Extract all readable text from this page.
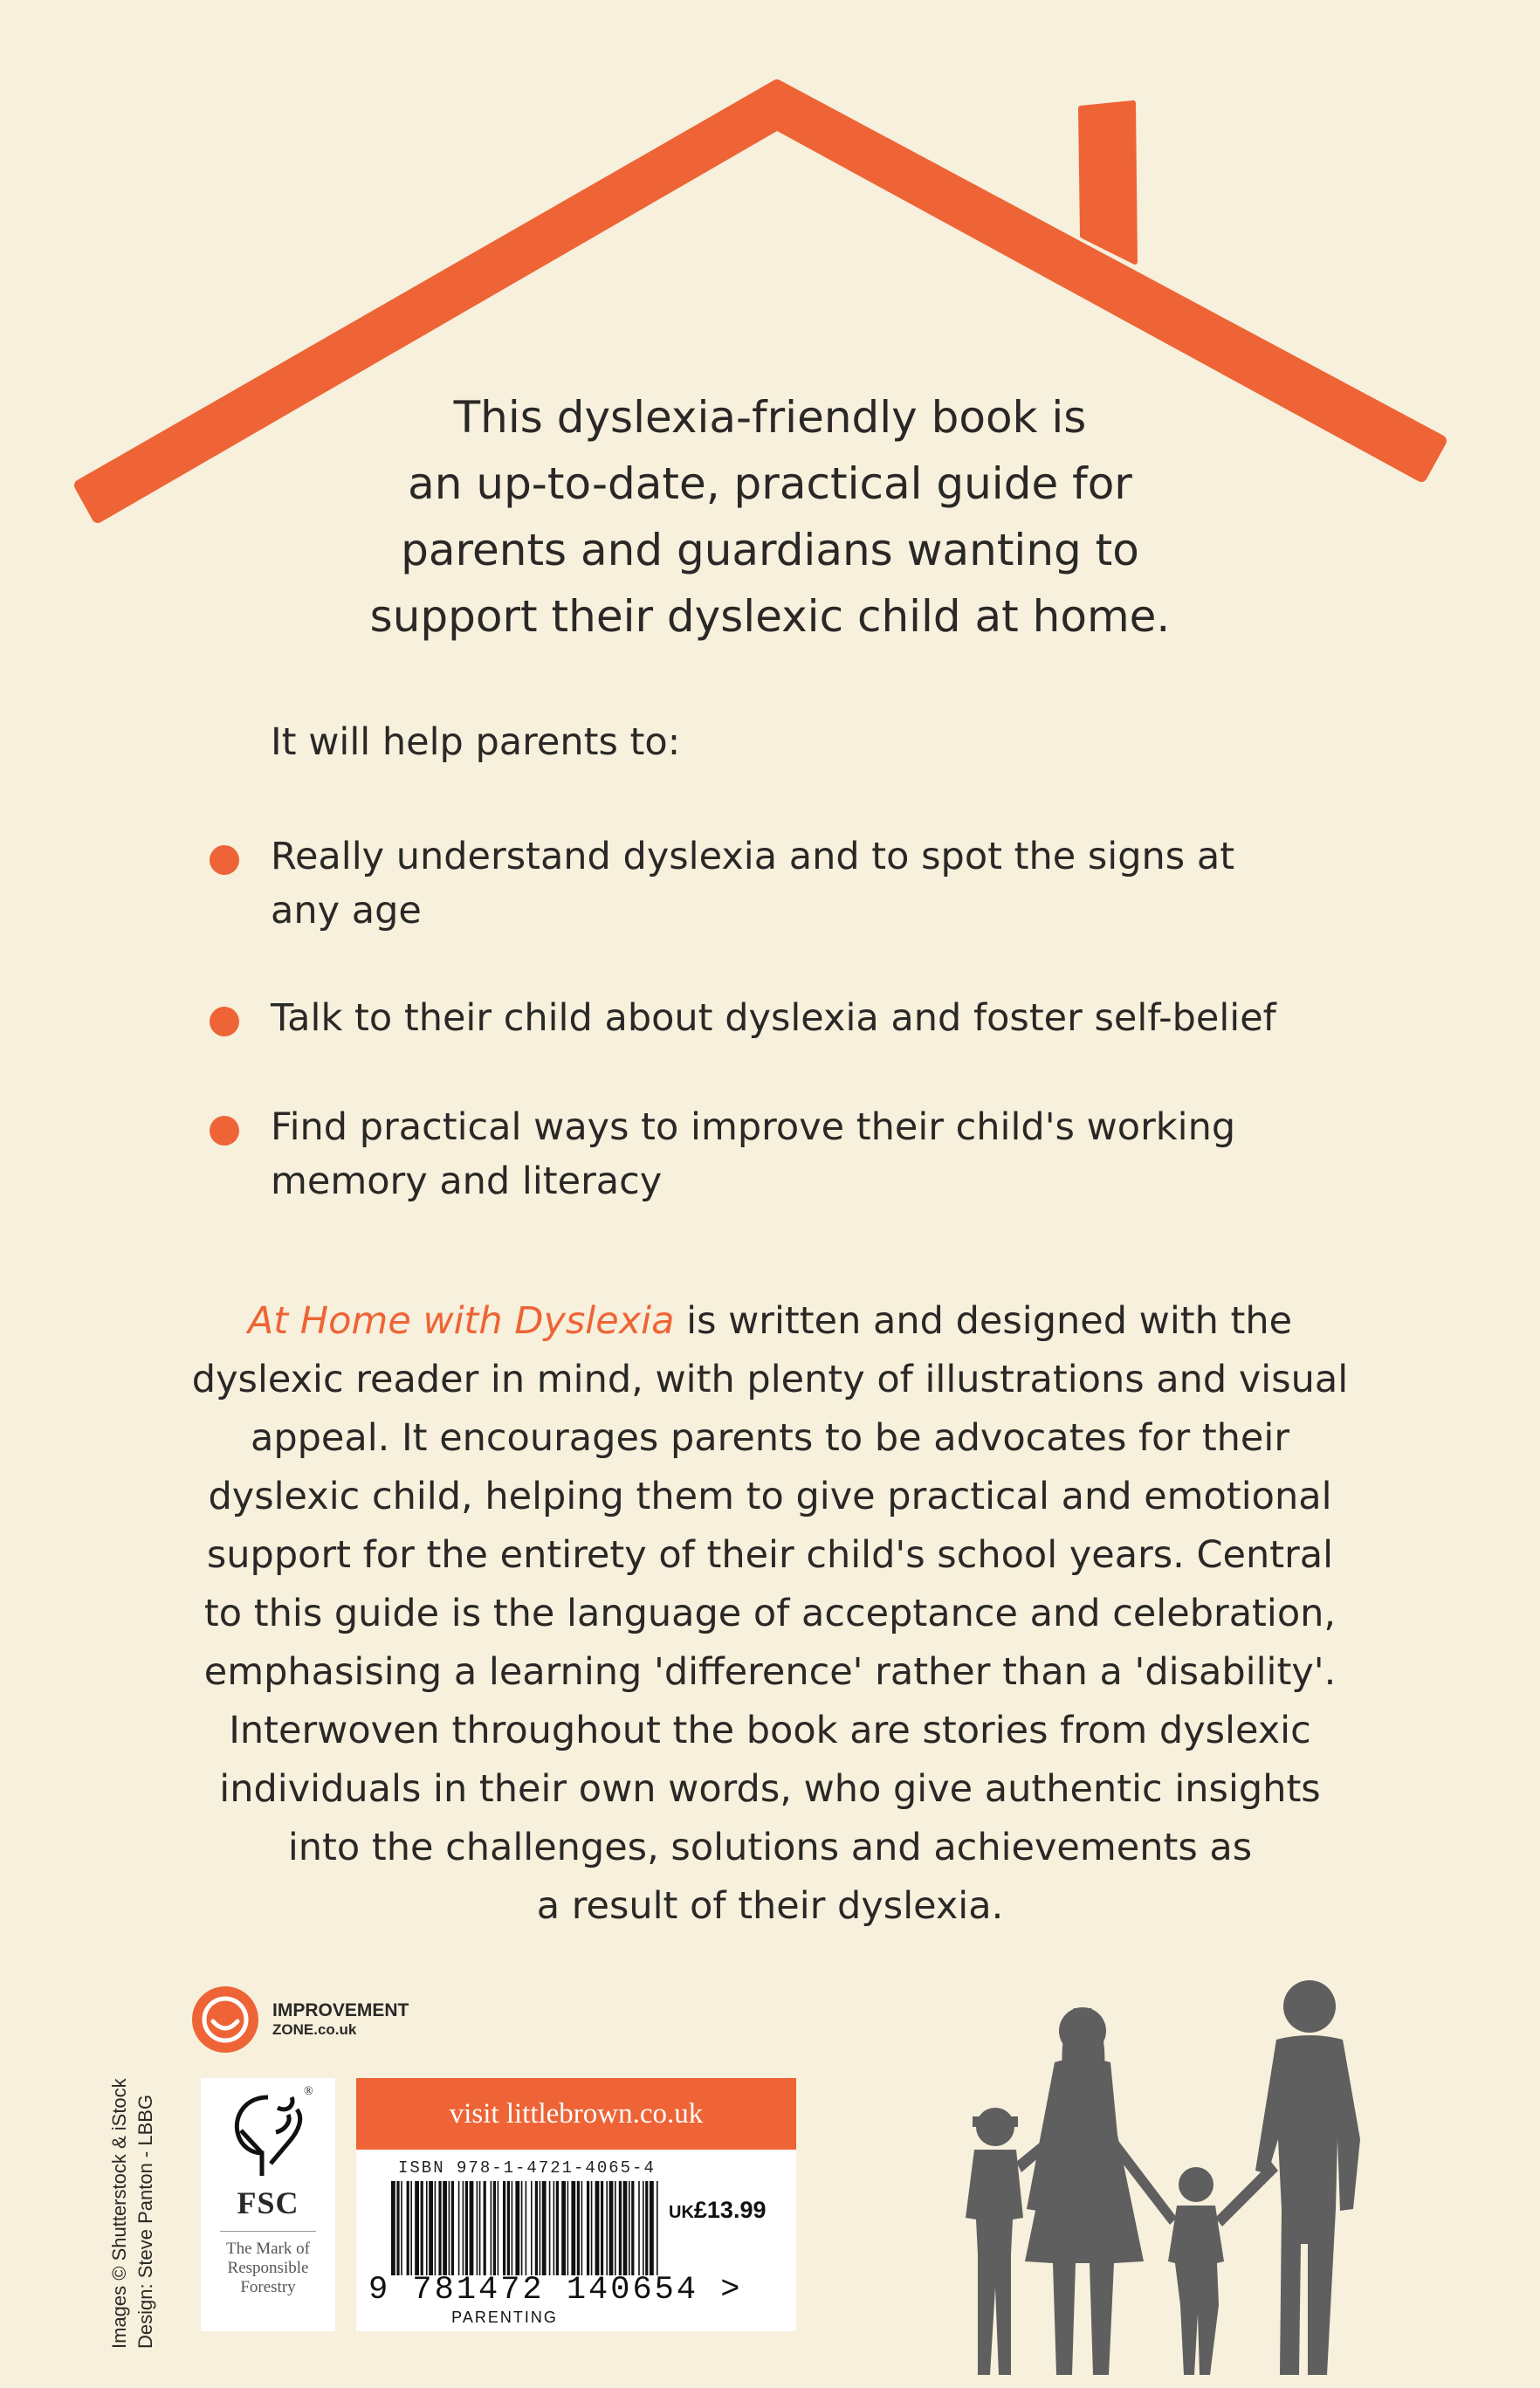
This dyslexia-friendly book is
an up-to-date, practical guide for
parents and guardians wanting to
support their dyslexic child at home.

It will help parents to:

Really understand dyslexia and to spot the signs at
any age
Talk to their child about dyslexia and foster self-belief
Find practical ways to improve their child's working
memory and literacy

At Home with Dyslexia is written and designed with the
dyslexic reader in mind, with plenty of illustrations and visual
appeal. It encourages parents to be advocates for their
dyslexic child, helping them to give practical and emotional
support for the entirety of their child's school years. Central
to this guide is the language of acceptance and celebration,
emphasising a learning 'difference' rather than a 'disability'.
Interwoven throughout the book are stories from dyslexic
individuals in their own words, who give authentic insights
into the challenges, solutions and achievements as
a result of their dyslexia.

Images © Shutterstock & iStock Design: Steve Panton - LBBG
IMPROVEMENT
ZONE.co.uk
®
FSC
The Mark of
Responsible
Forestry
visit littlebrown.co.uk
ISBN 978-1-4721-4065-4
9 781472 140654 >
UK£13.99
PARENTING
